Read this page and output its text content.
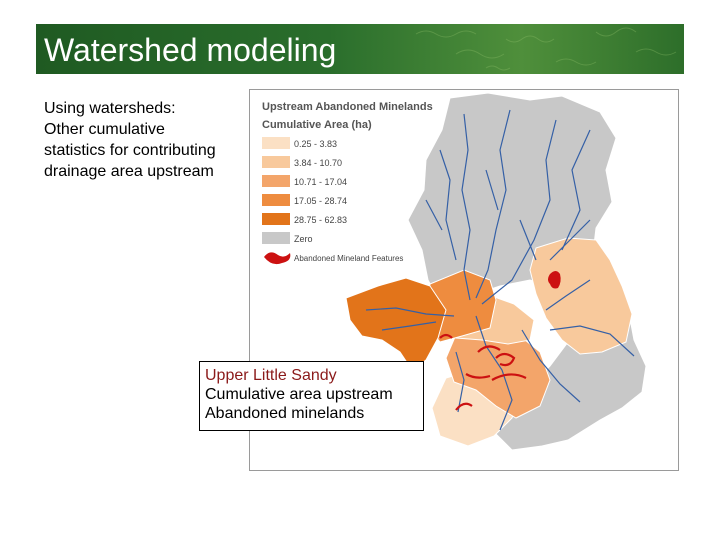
Watershed modeling
Using watersheds:
Other cumulative
statistics for contributing
drainage area upstream
Upstream Abandoned Minelands
Cumulative Area (ha)
0.25 - 3.83
3.84 - 10.70
10.71 - 17.04
17.05 - 28.74
28.75 - 62.83
Zero
Abandoned Mineland Features
Upper Little Sandy
Cumulative area upstream
Abandoned minelands
